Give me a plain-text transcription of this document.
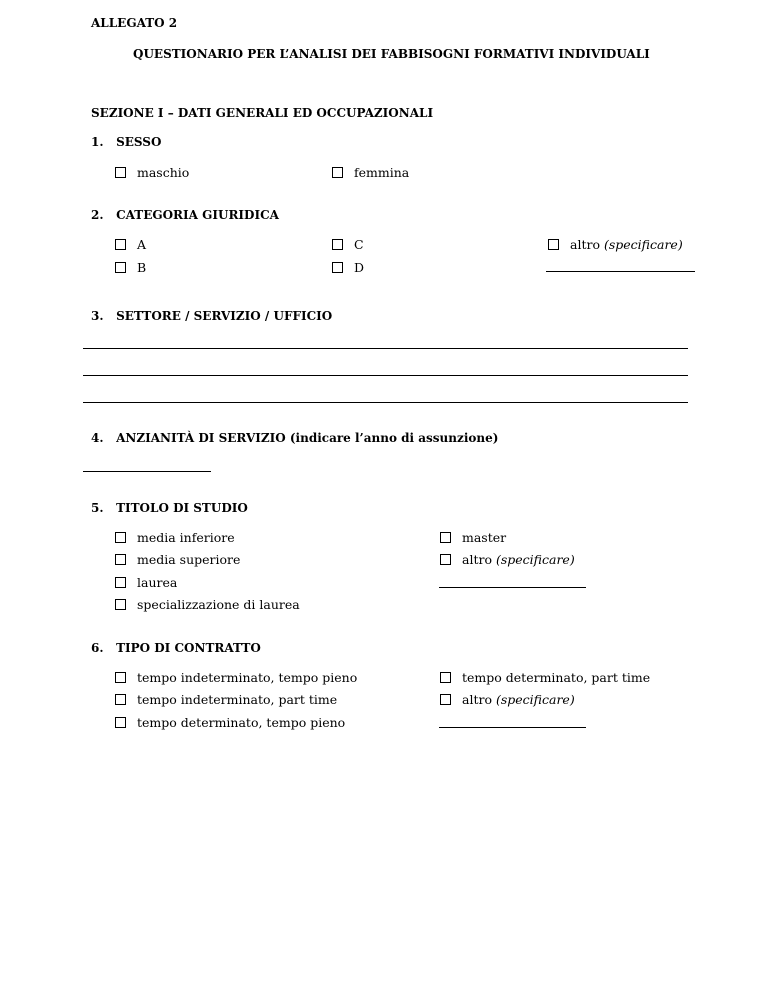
ALLEGATO 2
QUESTIONARIO PER L’ANALISI DEI FABBISOGNI FORMATIVI INDIVIDUALI
SEZIONE I – DATI GENERALI ED OCCUPAZIONALI
1. SESSO
maschio	femmina
2. CATEGORIA GIURIDICA
A
B
C
D
altro
(specificare)
3. SETTORE / SERVIZIO / UFFICIO
4. ANZIANITÀ DI SERVIZIO (indicare l’anno di assunzione)
5. TITOLO DI STUDIO
media inferiore
media superiore
laurea
specializzazione di laurea
master
altro
(specificare)
6. TIPO DI CONTRATTO
tempo indeterminato, tempo pieno
tempo indeterminato, part time
tempo determinato, tempo pieno
tempo determinato, part time
altro
(specificare)
